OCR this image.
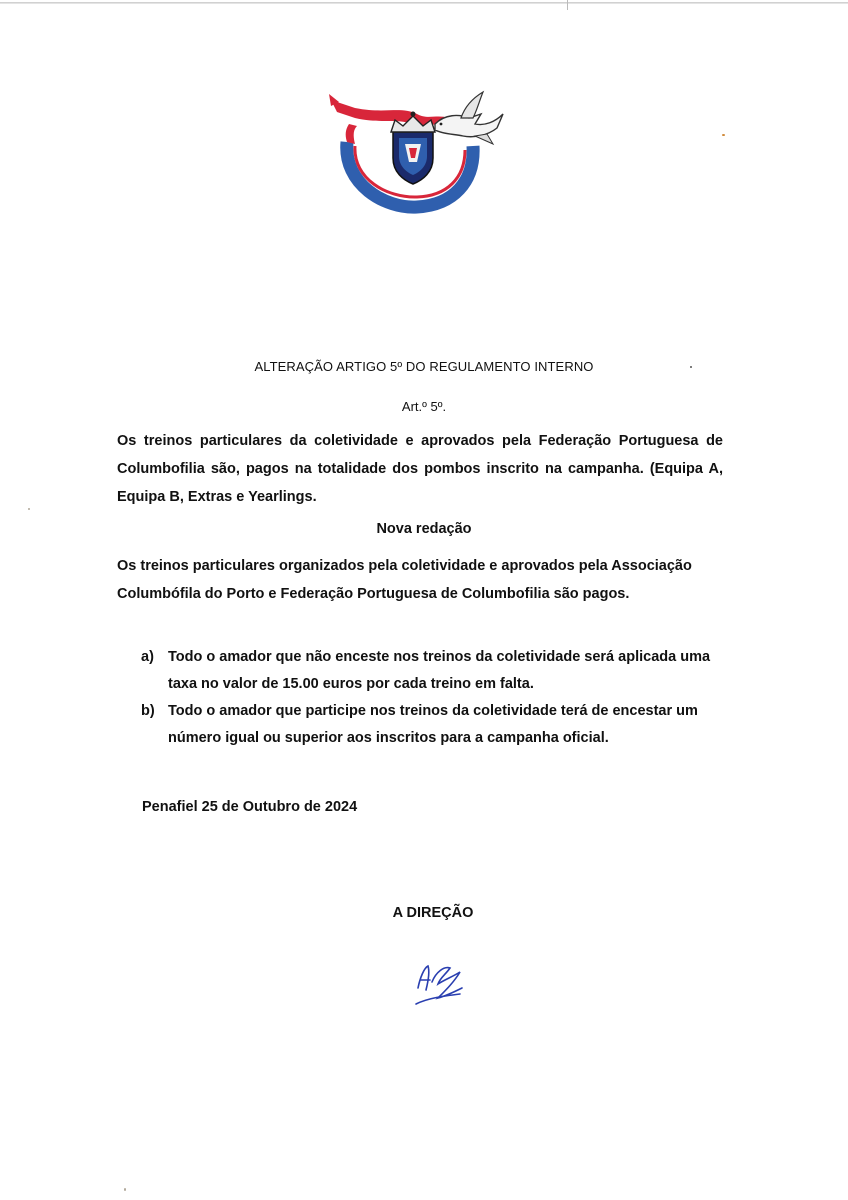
ALTERAÇÃO ARTIGO 5º DO REGULAMENTO INTERNO
Art.º 5º.
Os treinos particulares da coletividade e aprovados pela Federação Portuguesa de Columbofilia são, pagos na totalidade dos pombos inscrito na campanha. (Equipa A, Equipa B, Extras e Yearlings.
Nova redação
Os treinos particulares organizados pela coletividade e aprovados pela Associação Columbófila do Porto e Federação Portuguesa de Columbofilia são pagos.
a) Todo o amador que não enceste nos treinos da coletividade será aplicada uma taxa no valor de 15.00 euros por cada treino em falta.
b) Todo o amador que participe nos treinos da coletividade terá de encestar um número igual ou superior aos inscritos para a campanha oficial.
Penafiel 25 de Outubro de 2024
A DIREÇÃO
